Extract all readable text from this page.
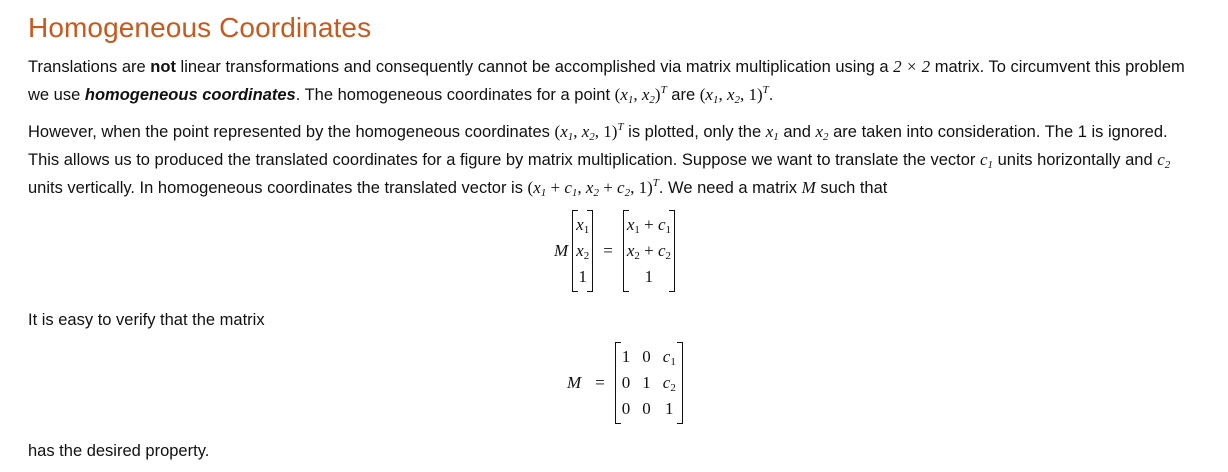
Homogeneous Coordinates
Translations are not linear transformations and consequently cannot be accomplished via matrix multiplication using a 2 × 2 matrix. To circumvent this problem we use homogeneous coordinates. The homogeneous coordinates for a point ($x_1$, $x_2)^T$ are ($x_1$, $x_2$, 1)$^T$.
However, when the point represented by the homogeneous coordinates ($x_1$, $x_2$, 1)$^T$ is plotted, only the $x_1$ and $x_2$ are taken into consideration. The 1 is ignored. This allows us to produced the translated coordinates for a figure by matrix multiplication. Suppose we want to translate the vector $c_1$ units horizontally and $c_2$ units vertically. In homogeneous coordinates the translated vector is ($x_1 + c_1$, $x_2 + c_2$, 1)$^T$. We need a matrix M such that
It is easy to verify that the matrix
has the desired property.
M
$x_1$
$x_2$
1
=
$x_1 + c_1$
$x_2 + c_2$
1
M =
1 0 $c_1$
0 1 $c_2$
0 0 1
